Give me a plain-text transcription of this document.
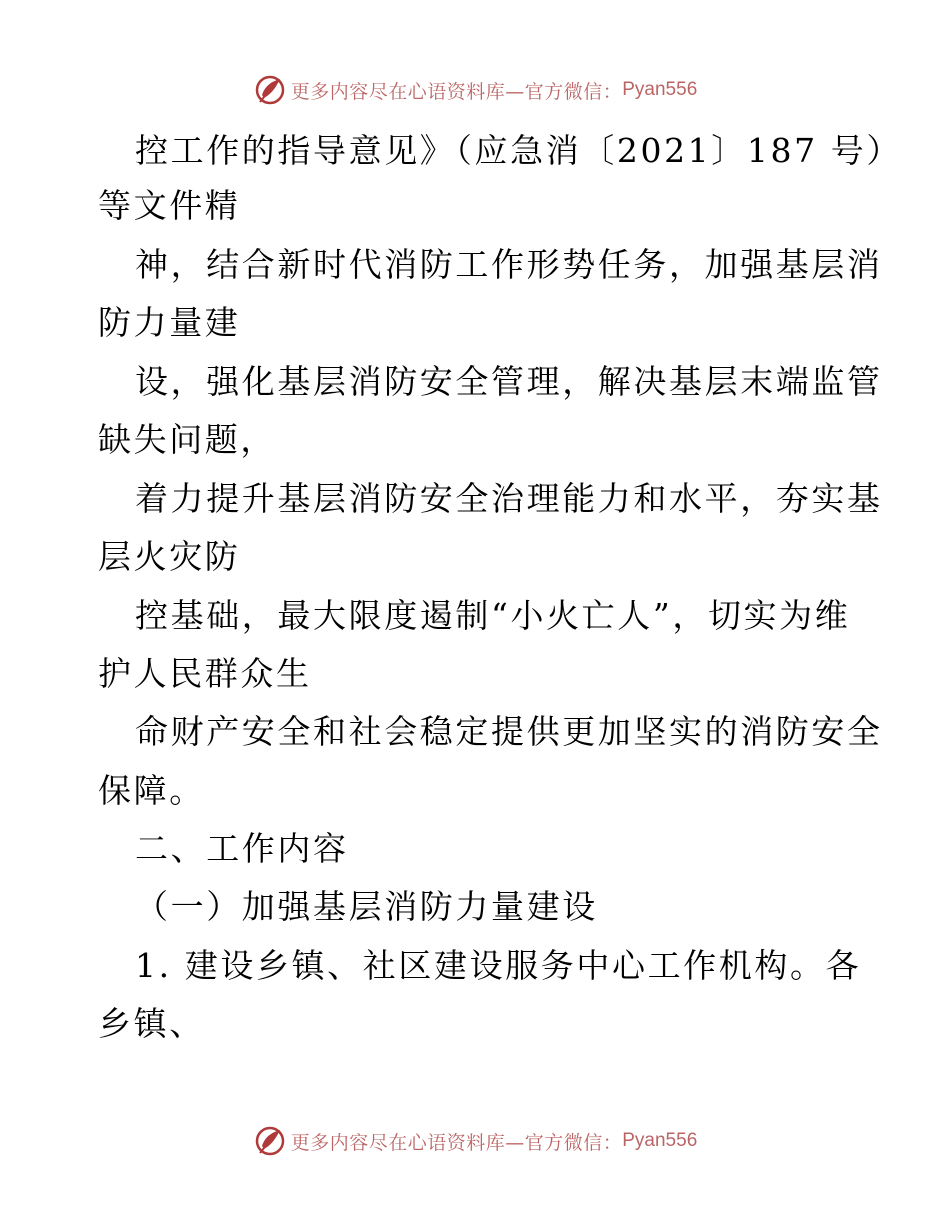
更多内容尽在心语资料库—官方微信： Pyan556
控工作的指导意见》（应急消〔2021〕187 号）
等文件精
神，结合新时代消防工作形势任务，加强基层消
防力量建
设，强化基层消防安全管理，解决基层末端监管
缺失问题，
着力提升基层消防安全治理能力和水平，夯实基
层火灾防
控基础，最大限度遏制“小火亡人”，切实为维
护人民群众生
命财产安全和社会稳定提供更加坚实的消防安全
保障。
二、工作内容
（一）加强基层消防力量建设
1. 建设乡镇、社区建设服务中心工作机构。各
乡镇、
更多内容尽在心语资料库—官方微信： Pyan556
